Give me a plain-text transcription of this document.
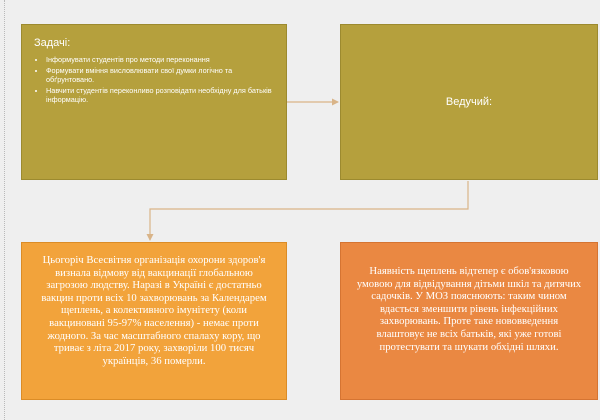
Задачі:
• Інформувати студентів про методи переконання
• Формувати вміння висловлювати свої думки логічно та обґрунтовано.
• Навчити студентів переконливо розповідати необхідну для батьків інформацію.	Ведучий:
Цьогоріч Всесвітня організація охорони здоров'я визнала відмову від вакцинації глобальною загрозою людству. Наразі в Україні є достатньо вакцин проти всіх 10 захворювань за Календарем щеплень, а колективного імунітету (коли вакциновані 95-97% населення) - немає проти жодного. За час масштабного спалаху кору, що триває з літа 2017 року, захворіли 100 тисяч українців, 36 померли.
Наявність щеплень відтепер є обов'язковою умовою для відвідування дітьми шкіл та дитячих садочків. У МОЗ пояснюють: таким чином вдасться зменшити рівень інфекційних захворювань. Проте таке нововведення влаштовує не всіх батьків, які уже готові протестувати та шукати обхідні шляхи.
